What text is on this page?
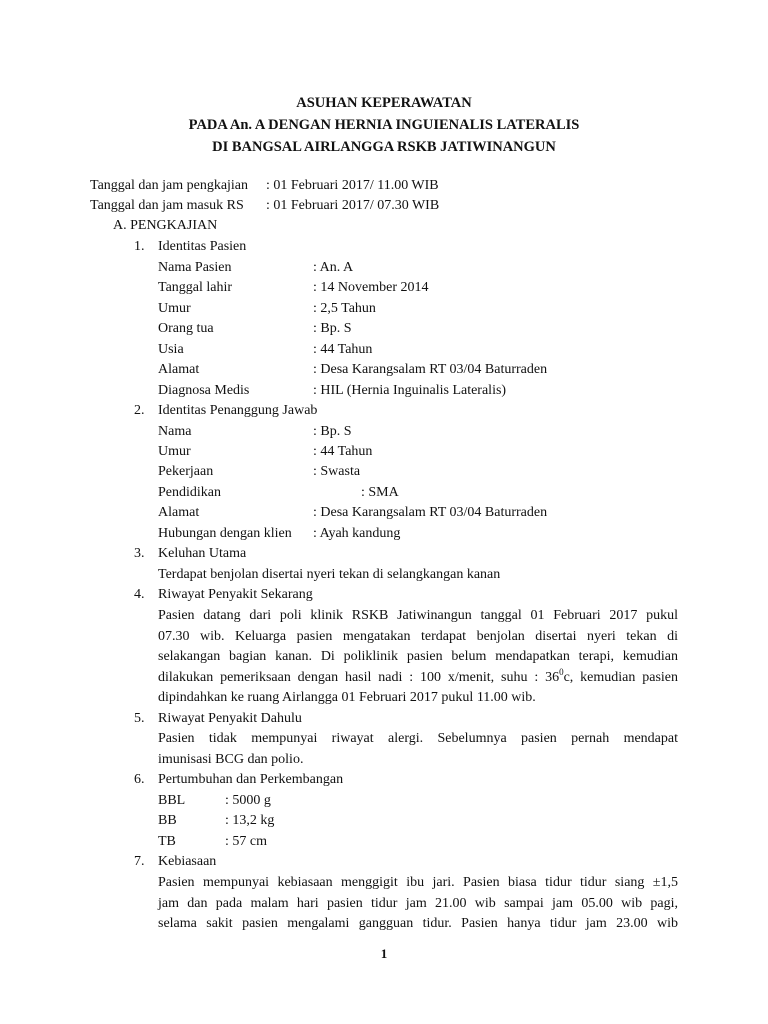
ASUHAN KEPERAWATAN
PADA An. A DENGAN HERNIA INGUIENALIS LATERALIS
DI BANGSAL AIRLANGGA RSKB JATIWINANGUN
Tanggal dan jam pengkajian : 01 Februari 2017/ 11.00 WIB
Tanggal dan jam masuk RS : 01 Februari 2017/ 07.30 WIB
A. PENGKAJIAN
1. Identitas Pasien
Nama Pasien	: An. A
Tanggal lahir	: 14 November 2014
Umur	: 2,5 Tahun
Orang tua	: Bp. S
Usia	: 44 Tahun
Alamat	: Desa Karangsalam RT 03/04 Baturraden
Diagnosa Medis	: HIL (Hernia Inguinalis Lateralis)
2. Identitas Penanggung Jawab
Nama	: Bp. S
Umur	: 44 Tahun
Pekerjaan	: Swasta
Pendidikan	: SMA
Alamat	: Desa Karangsalam RT 03/04 Baturraden
Hubungan dengan klien : Ayah kandung
3. Keluhan Utama
Terdapat benjolan disertai nyeri tekan di selangkangan kanan
4. Riwayat Penyakit Sekarang
Pasien datang dari poli klinik RSKB Jatiwinangun tanggal 01 Februari 2017 pukul
07.30 wib. Keluarga pasien mengatakan terdapat benjolan disertai nyeri tekan di
selakangan bagian kanan. Di poliklinik pasien belum mendapatkan terapi, kemudian
dilakukan pemeriksaan dengan hasil nadi : 100 x/menit, suhu : $36^0c$, kemudian pasien
dipindahkan ke ruang Airlangga 01 Februari 2017 pukul 11.00 wib.
5. Riwayat Penyakit Dahulu
Pasien tidak mempunyai riwayat alergi. Sebelumnya pasien pernah mendapat
imunisasi BCG dan polio.
6. Pertumbuhan dan Perkembangan
BBL	: 5000 g
BB	: 13,2 kg
TB	: 57 cm
7. Kebiasaan
Pasien mempunyai kebiasaan menggigit ibu jari. Pasien biasa tidur tidur siang ±1,5
jam dan pada malam hari pasien tidur jam 21.00 wib sampai jam 05.00 wib pagi,
selama sakit pasien mengalami gangguan tidur. Pasien hanya tidur jam 23.00 wib
1
